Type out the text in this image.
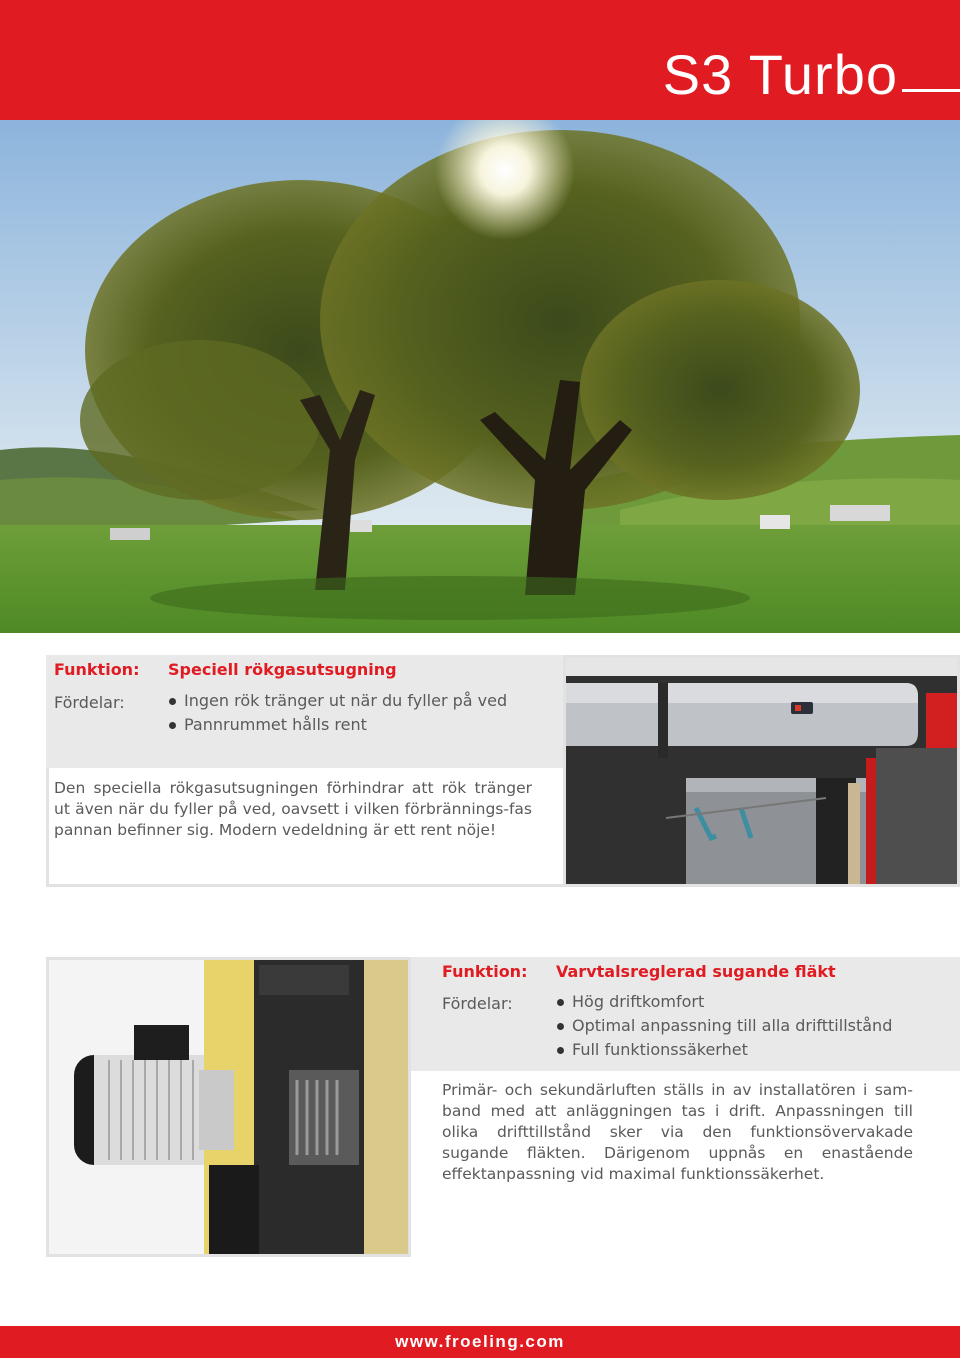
S3 Turbo
Funktion: Speciell rökgasutsugning
Fördelar:	Ingen rök tränger ut när du fyller på ved
Pannrummet hålls rent
Den speciella rökgasutsugningen förhindrar att rök tränger ut även när du fyller på ved, oavsett i vilken förbrännings-fas pannan befinner sig. Modern vedeldning är ett rent nöje!
Funktion: Varvtalsreglerad sugande fläkt
Fördelar:	Hög driftkomfort
Optimal anpassning till alla drifttillstånd
Full funktionssäkerhet
Primär- och sekundärluften ställs in av installatören i sam-band med att anläggningen tas i drift. Anpassningen till olika drifttillstånd sker via den funktionsövervakade sugande fläkten. Därigenom uppnås en enastående effektanpassning vid maximal funktionssäkerhet.
www.froeling.com
